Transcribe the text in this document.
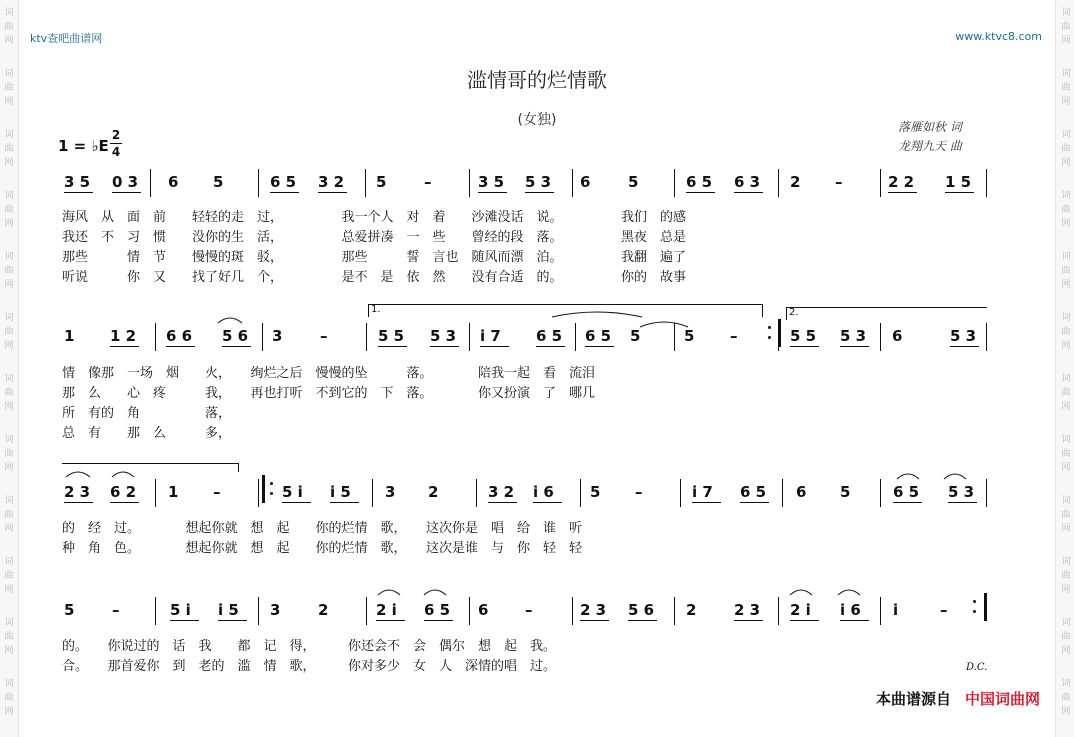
词
曲
网
词
曲
网
词
曲
网
词
曲
网
词
曲
网
词
曲
网
词
曲
网
词
曲
网
词
曲
网
词
曲
网
词
曲
网
词
曲
网
词
曲
网
词
曲
网
词
曲
网
词
曲
网
词
曲
网
词
曲
网
词
曲
网
词
曲
网
词
曲
网
词
曲
网
词
曲
网
词
曲
网
ktv查吧曲谱网	www.ktvc8.com
滥情哥的烂情歌
(女独)	落雁如秋 词
龙翔九天 曲
1 = ♭E
2
4
3 5 0 3 6 5	6 5 3 2 5	–	3 5 5 3 6	5	6 5 6 3 2 –	2 2 1 5
海风　从　面　前　　轻轻的走　过，　　　　　我一个人　对　着　　沙滩没话　说。　　　　　我们　的感
我还　不　习　惯　　没你的生　活，　　　　　总爱拼凑　一　些　　曾经的段　落。　　　　　黑夜　总是
那些　　　情　节　　慢慢的斑　驳，　　　　　那些　　　誓　言也　随风而漂　泊。　　　　　我翻　遍了
听说　　　你　又　　找了好几　个，　　　　　是不　是　依　然　　没有合适　的。　　　　　你的　故事
1 1 2 6 6 5 6 3	–	5 5 5 3 i 7 6 5 6 5 5	5 –	5 5 5 3 6	5 3
情　像那　一场　烟　　火，　　绚烂之后　慢慢的坠　　　落。　　　　陪我一起　看　流泪
那　么　　心　疼　　　我，　　再也打听　不到它的　下　落。　　　　你又扮演　了　哪几
所　有的　角　　　　　落，
总　有　　那　么　　　多，
2 3 6 2 1 –	5 i i 5 3 2	3 2 i 6 5 –	i 7 6 5 6 5	6 5 5 3
的　经　过。　　　　想起你就　想　起　　你的烂情　歌，　　这次你是　唱　给　谁　听
种　角　色。　　　　想起你就　想　起　　你的烂情　歌，　　这次是谁　与　你　轻　轻
5	–	5 i i 5 3	2	2 i 6 5 6 –	2 3 5 6 2	2 3 2 i i 6 i	–
的。　　你说过的　话　我　　都　记　得，　　　你还会不　会　偶尔　想　起　我。
合。　　那首爱你　到　老的　滥　情　歌，　　　你对多少　女　人　深情的唱　过。
1.	2.
D.C.
本曲谱源自 中国词曲网
